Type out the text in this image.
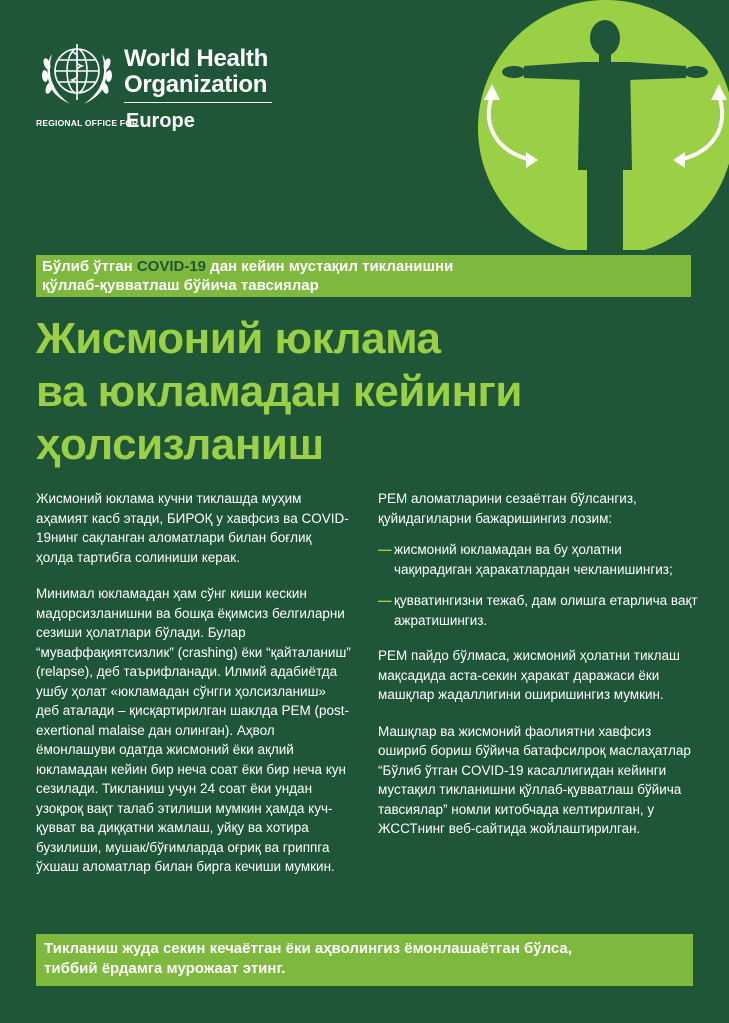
World Health
Organization
REGIONAL OFFICE FOR
Europe
Бўлиб ўтган COVID-19 дан кейин мустақил тикланишни
қўллаб-қувватлаш бўйича тавсиялар
Жисмоний юклама
ва юкламадан кейинги
ҳолсизланиш

Жисмоний юклама кучни тиклашда муҳим аҳамият касб этади, БИРОҚ у хавфсиз ва COVID-19нинг сақланган аломатлари билан боғлиқ ҳолда тартибга солиниши керак.

Минимал юкламадан ҳам сўнг киши кескин мадорсизланишни ва бошқа ёқимсиз белгиларни сезиши ҳолатлари бўлади. Булар “муваффақиятсизлик” (crashing) ёки “қайталаниш” (relapse), деб таърифланади. Илмий адабиётда ушбу ҳолат «юкламадан сўнгги ҳолсизланиш» деб аталади – қисқартирилган шаклда PEM (post-exertional malaise дан олинган). Аҳвол ёмонлашуви одатда жисмоний ёки ақлий юкламадан кейин бир неча соат ёки бир неча кун сезилади. Тикланиш учун 24 соат ёки ундан узоқроқ вақт талаб этилиши мумкин ҳамда куч-қувват ва диққатни жамлаш, уйқу ва хотира бузилиши, мушак/бўғимларда оғриқ ва гриппга ўхшаш аломатлар билан бирга кечиши мумкин.

PEM аломатларини сезаётган бўлсангиз, қуйидагиларни бажаришингиз лозим:

— жисмоний юкламадан ва бу ҳолатни чақирадиган ҳаракатлардан чекланишингиз;
— қувватингизни тежаб, дам олишга етарлича вақт ажратишингиз.

PEM пайдо бўлмаса, жисмоний ҳолатни тиклаш мақсадида аста-секин ҳаракат даражаси ёки машқлар жадаллигини оширишингиз мумкин.

Машқлар ва жисмоний фаолиятни хавфсиз ошириб бориш бўйича батафсилроқ маслаҳатлар “Бўлиб ўтган COVID-19 касаллигидан кейинги мустақил тикланишни қўллаб-қувватлаш бўйича тавсиялар” номли китобчада келтирилган, у ЖССТнинг веб-сайтида жойлаштирилган.

Тикланиш жуда секин кечаётган ёки аҳволингиз ёмонлашаётган бўлса,
тиббий ёрдамга мурожаат этинг.
